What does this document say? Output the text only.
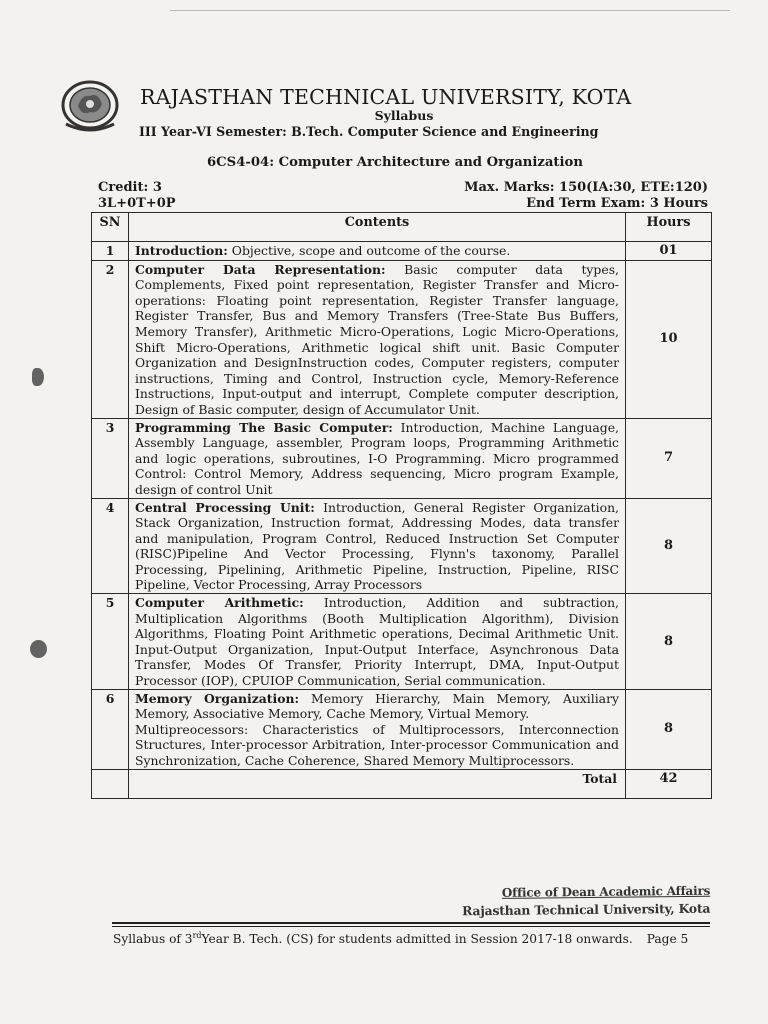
RAJASTHAN TECHNICAL UNIVERSITY, KOTA
Syllabus
III Year-VI Semester: B.Tech. Computer Science and Engineering
6CS4-04: Computer Architecture and Organization
Credit: 3
3L+0T+0P
Max. Marks: 150(IA:30, ETE:120)
End Term Exam: 3 Hours
SN	Contents	Hours
1	Introduction: Objective, scope and outcome of the course.	01
2	Computer Data Representation: Basic computer data types, Complements, Fixed point representation, Register Transfer and Micro-operations: Floating point representation, Register Transfer language, Register Transfer, Bus and Memory Transfers (Tree-State Bus Buffers, Memory Transfer), Arithmetic Micro-Operations, Logic Micro-Operations, Shift Micro-Operations, Arithmetic logical shift unit. Basic Computer Organization and DesignInstruction codes, Computer registers, computer instructions, Timing and Control, Instruction cycle, Memory-Reference Instructions, Input-output and interrupt, Complete computer description, Design of Basic computer, design of Accumulator Unit.	10
3	Programming The Basic Computer: Introduction, Machine Language, Assembly Language, assembler, Program loops, Programming Arithmetic and logic operations, subroutines, I-O Programming. Micro programmed Control: Control Memory, Address sequencing, Micro program Example, design of control Unit	7
4	Central Processing Unit: Introduction, General Register Organization, Stack Organization, Instruction format, Addressing Modes, data transfer and manipulation, Program Control, Reduced Instruction Set Computer (RISC)Pipeline And Vector Processing, Flynn's taxonomy, Parallel Processing, Pipelining, Arithmetic Pipeline, Instruction, Pipeline, RISC Pipeline, Vector Processing, Array Processors	8
5	Computer Arithmetic: Introduction, Addition and subtraction, Multiplication Algorithms (Booth Multiplication Algorithm), Division Algorithms, Floating Point Arithmetic operations, Decimal Arithmetic Unit. Input-Output Organization, Input-Output Interface, Asynchronous Data Transfer, Modes Of Transfer, Priority Interrupt, DMA, Input-Output Processor (IOP), CPUIOP Communication, Serial communication.	8
6	Memory Organization: Memory Hierarchy, Main Memory, Auxiliary Memory, Associative Memory, Cache Memory, Virtual Memory.
Multipreocessors: Characteristics of Multiprocessors, Interconnection Structures, Inter-processor Arbitration, Inter-processor Communication and Synchronization, Cache Coherence, Shared Memory Multiprocessors.	8
	Total	42
Office of Dean Academic Affairs
Rajasthan Technical University, Kota
Syllabus of 3rdYear B. Tech. (CS) for students admitted in Session 2017-18 onwards. Page 5
